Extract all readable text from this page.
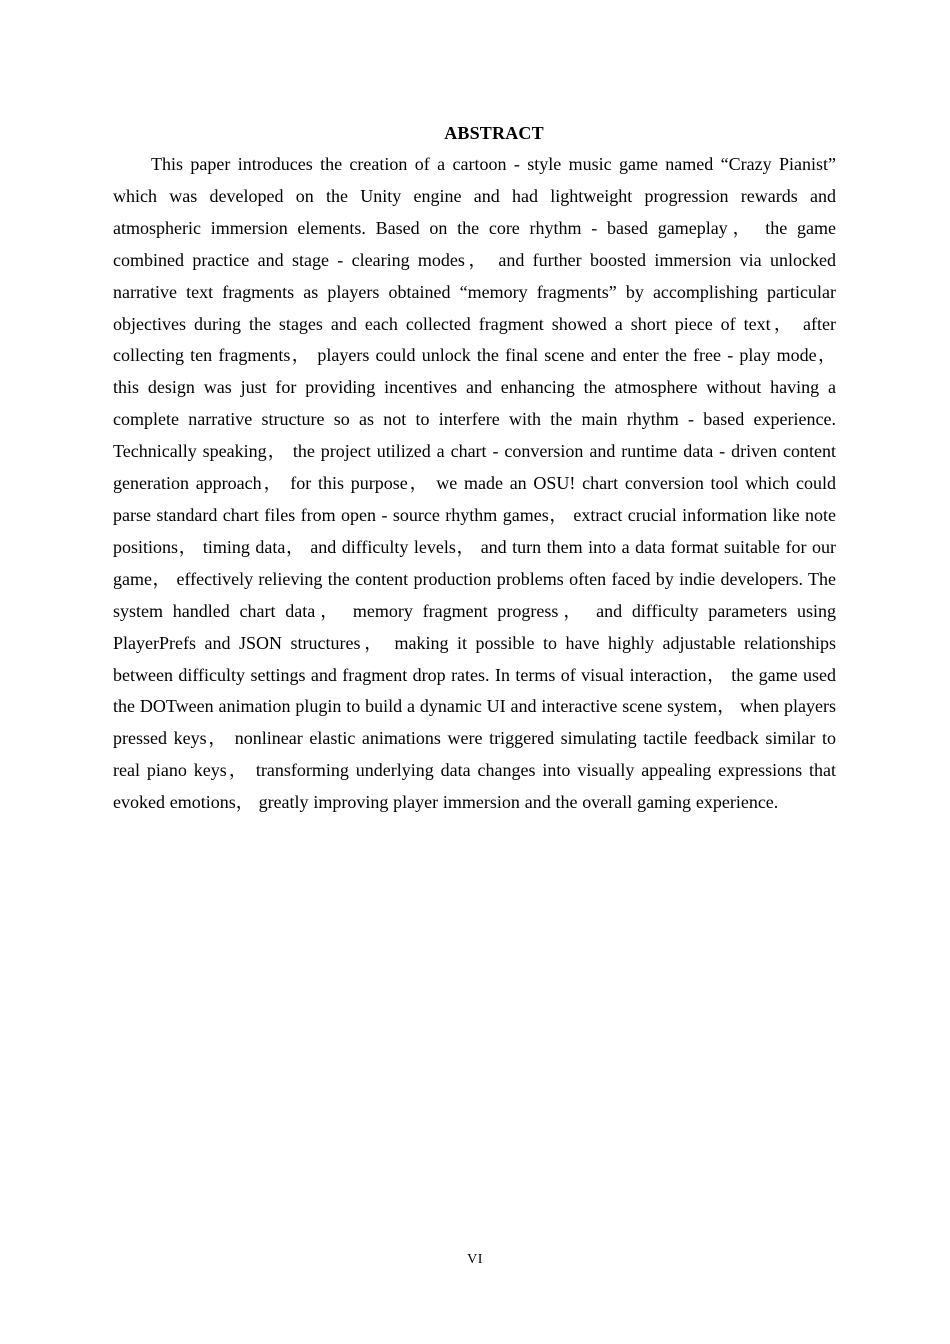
ABSTRACT

This paper introduces the creation of a cartoon - style music game named “Crazy Pianist” which was developed on the Unity engine and had lightweight progression rewards and atmospheric immersion elements. Based on the core rhythm - based gameplay， the game combined practice and stage - clearing modes， and further boosted immersion via unlocked narrative text fragments as players obtained “memory fragments” by accomplishing particular objectives during the stages and each collected fragment showed a short piece of text， after collecting ten fragments， players could unlock the final scene and enter the free - play mode， this design was just for providing incentives and enhancing the atmosphere without having a complete narrative structure so as not to interfere with the main rhythm - based experience. Technically speaking， the project utilized a chart - conversion and runtime data - driven content generation approach， for this purpose， we made an OSU! chart conversion tool which could parse standard chart files from open - source rhythm games， extract crucial information like note positions， timing data， and difficulty levels， and turn them into a data format suitable for our game， effectively relieving the content production problems often faced by indie developers. The system handled chart data， memory fragment progress， and difficulty parameters using PlayerPrefs and JSON structures， making it possible to have highly adjustable relationships between difficulty settings and fragment drop rates. In terms of visual interaction， the game used the DOTween animation plugin to build a dynamic UI and interactive scene system， when players pressed keys， nonlinear elastic animations were triggered simulating tactile feedback similar to real piano keys， transforming underlying data changes into visually appealing expressions that evoked emotions， greatly improving player immersion and the overall gaming experience.

VI
